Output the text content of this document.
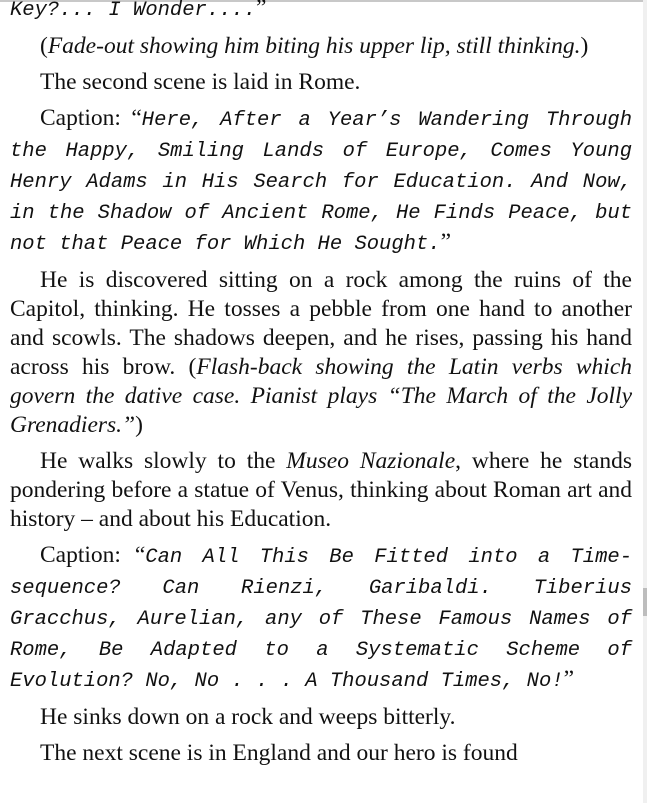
Key?... I Wonder....”

(Fade-out showing him biting his upper lip, still thinking.)

The second scene is laid in Rome.

Caption: “Here, After a Year’s Wandering Through the Happy, Smiling Lands of Europe, Comes Young Henry Adams in His Search for Education. And Now, in the Shadow of Ancient Rome, He Finds Peace, but not that Peace for Which He Sought.”

He is discovered sitting on a rock among the ruins of the Capitol, thinking. He tosses a pebble from one hand to another and scowls. The shadows deepen, and he rises, passing his hand across his brow. (Flash-back showing the Latin verbs which govern the dative case. Pianist plays “The March of the Jolly Grenadiers.”)

He walks slowly to the Museo Nazionale, where he stands pondering before a statue of Venus, thinking about Roman art and history – and about his Education.

Caption: “Can All This Be Fitted into a Time-sequence? Can Rienzi, Garibaldi. Tiberius Gracchus, Aurelian, any of These Famous Names of Rome, Be Adapted to a Systematic Scheme of Evolution? No, No . . . A Thousand Times, No!”

He sinks down on a rock and weeps bitterly.

The next scene is in England and our hero is found
